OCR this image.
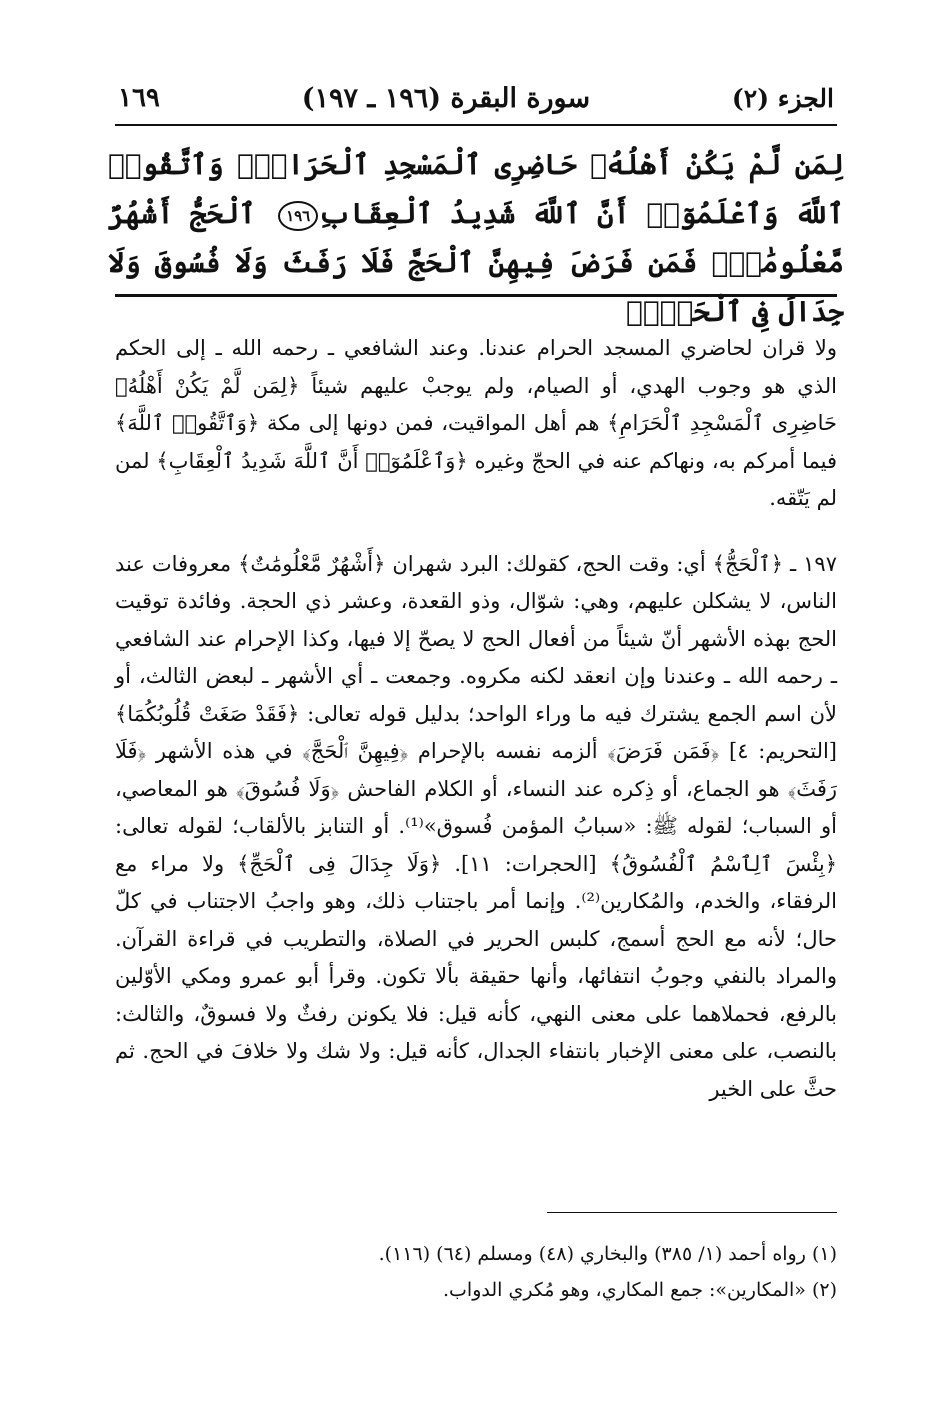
١٦٩	سورة البقرة (١٩٦ ـ ١٩٧)	الجزء (٢)
لِمَن لَّمْ يَكُنْ أَهْلُهُۥ حَاضِرِى ٱلْمَسْجِدِ ٱلْحَرَامِۚ وَٱتَّقُوا۟ ٱللَّهَ وَٱعْلَمُوٓا۟ أَنَّ ٱللَّهَ شَدِيدُ ٱلْعِقَابِ١٩٦ ٱلْحَجُّ أَشْهُرٌ مَّعْلُومَٰتٌۚ فَمَن فَرَضَ فِيهِنَّ ٱلْحَجَّ فَلَا رَفَثَ وَلَا فُسُوقَ وَلَا جِدَالَ فِى ٱلْحَجِّۗ

ولا قران لحاضري المسجد الحرام عندنا. وعند الشافعي ـ رحمه الله ـ إلى الحكم الذي هو وجوب الهدي، أو الصيام، ولم يوجبْ عليهم شيئاً ﴿لِمَن لَّمْ يَكُنْ أَهْلُهُۥ حَاضِرِى ٱلْمَسْجِدِ ٱلْحَرَامِ﴾ هم أهل المواقيت، فمن دونها إلى مكة ﴿وَٱتَّقُوا۟ ٱللَّهَ﴾ فيما أمركم به، ونهاكم عنه في الحجّ وغيره ﴿وَٱعْلَمُوٓا۟ أَنَّ ٱللَّهَ شَدِيدُ ٱلْعِقَابِ﴾ لمن لم يَتّقه.

١٩٧ ـ ﴿ٱلْحَجُّ﴾ أي: وقت الحج، كقولك: البرد شهران ﴿أَشْهُرٌ مَّعْلُومَٰتٌ﴾ معروفات عند الناس، لا يشكلن عليهم، وهي: شوّال، وذو القعدة، وعشر ذي الحجة. وفائدة توقيت الحج بهذه الأشهر أنّ شيئاً من أفعال الحج لا يصحّ إلا فيها، وكذا الإحرام عند الشافعي ـ رحمه الله ـ وعندنا وإن انعقد لكنه مكروه. وجمعت ـ أي الأشهر ـ لبعض الثالث، أو لأن اسم الجمع يشترك فيه ما وراء الواحد؛ بدليل قوله تعالى: ﴿فَقَدْ صَغَتْ قُلُوبُكُمَا﴾ [التحريم: ٤] ﴿فَمَن فَرَضَ﴾ ألزمه نفسه بالإحرام ﴿فِيهِنَّ ٱلْحَجَّ﴾ في هذه الأشهر ﴿فَلَا رَفَثَ﴾ هو الجماع، أو ذِكره عند النساء، أو الكلام الفاحش ﴿وَلَا فُسُوقَ﴾ هو المعاصي، أو السباب؛ لقوله ﷺ: «سبابُ المؤمن فُسوق»⁽¹⁾. أو التنابز بالألقاب؛ لقوله تعالى: ﴿بِئْسَ ٱلِٱسْمُ ٱلْفُسُوقُ﴾ [الحجرات: ١١]. ﴿وَلَا جِدَالَ فِى ٱلْحَجِّ﴾ ولا مراء مع الرفقاء، والخدم، والمُكارين⁽²⁾. وإنما أمر باجتناب ذلك، وهو واجبُ الاجتناب في كلّ حال؛ لأنه مع الحج أسمج، كلبس الحرير في الصلاة، والتطريب في قراءة القرآن. والمراد بالنفي وجوبُ انتفائها، وأنها حقيقة بألا تكون. وقرأ أبو عمرو ومكي الأوّلين بالرفع، فحملاهما على معنى النهي، كأنه قيل: فلا يكونن رفثٌ ولا فسوقٌ، والثالث: بالنصب، على معنى الإخبار بانتفاء الجدال، كأنه قيل: ولا شك ولا خلافَ في الحج. ثم حثَّ على الخير

(١) رواه أحمد (١/ ٣٨٥) والبخاري (٤٨) ومسلم (٦٤) (١١٦).

(٢) «المكارين»: جمع المكاري، وهو مُكري الدواب.
